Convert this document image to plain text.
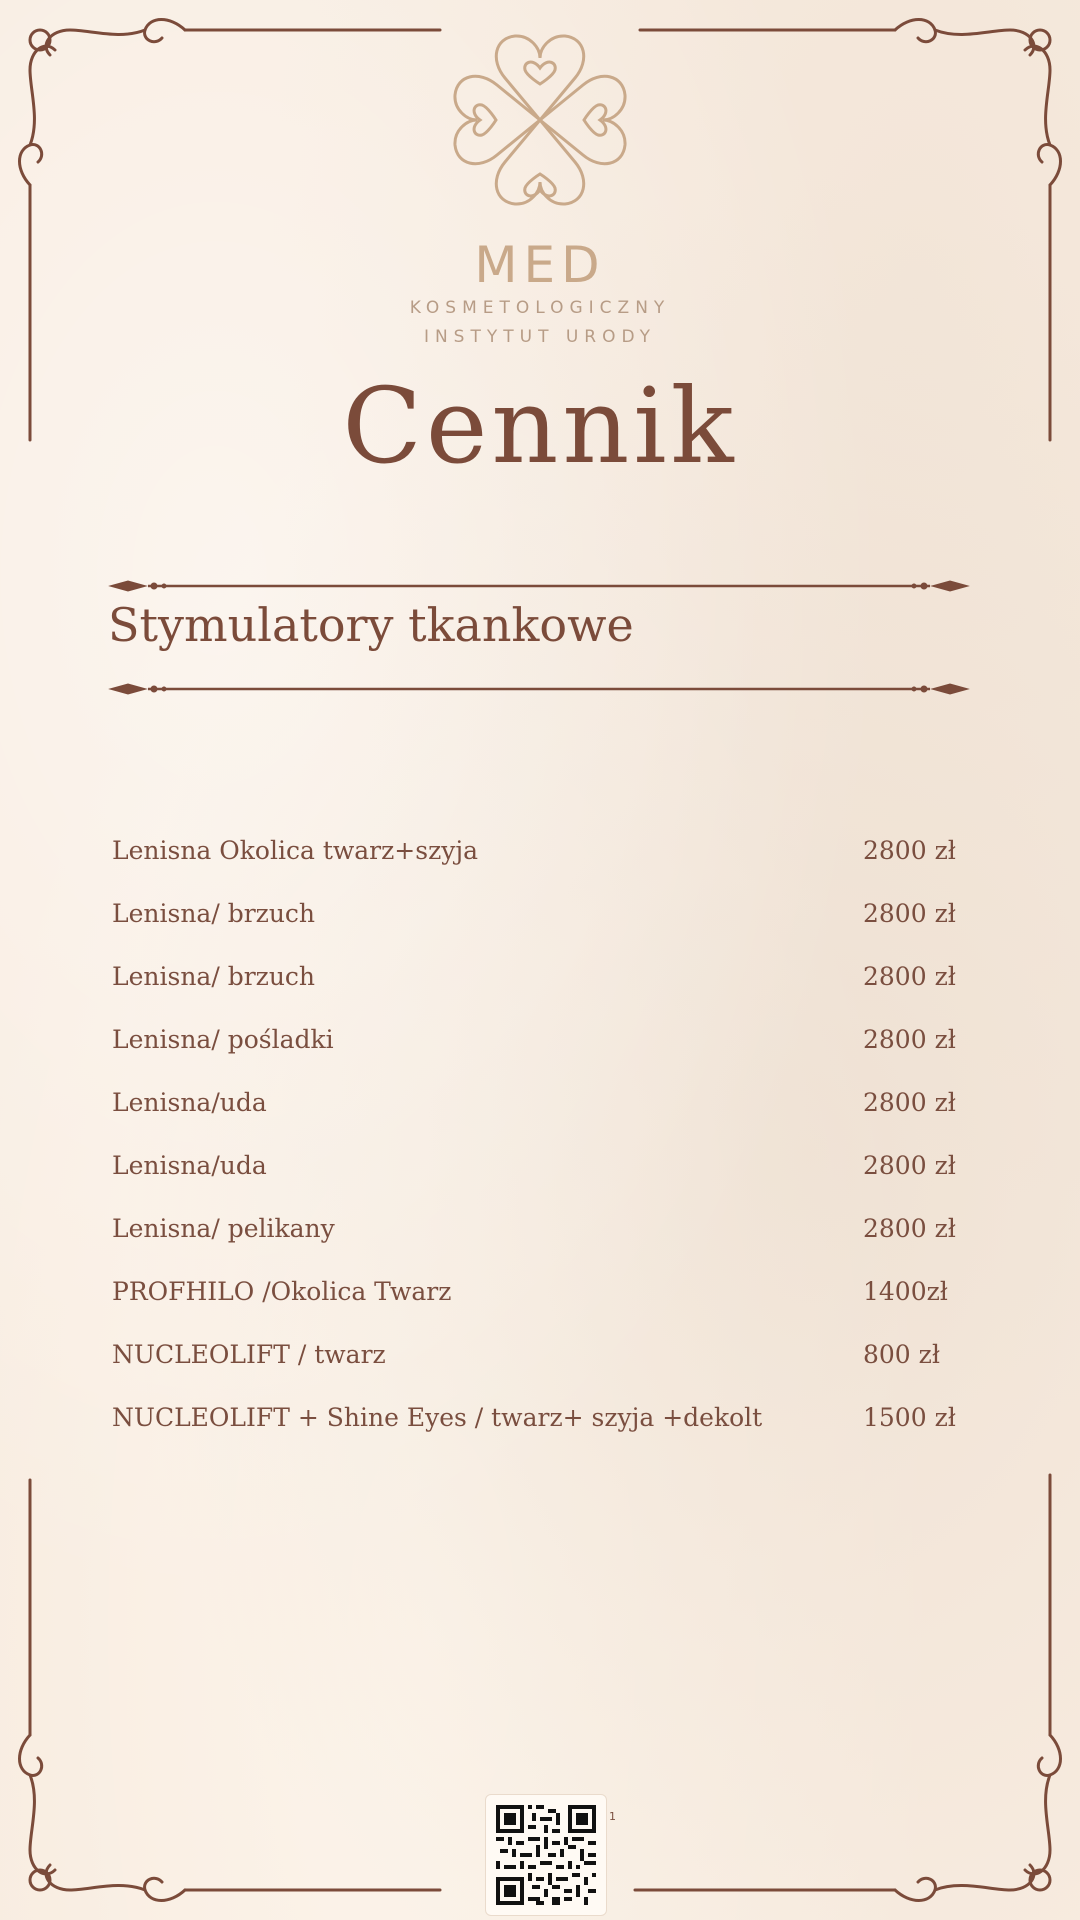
MED
KOSMETOLOGICZNY
INSTYTUT URODY
Cennik
Stymulatory tkankowe
Lenisna Okolica twarz+szyja	2800 zł
Lenisna/ brzuch	2800 zł
Lenisna/ brzuch	2800 zł
Lenisna/ pośladki	2800 zł
Lenisna/uda	2800 zł
Lenisna/uda	2800 zł
Lenisna/ pelikany	2800 zł
PROFHILO /Okolica Twarz	1400zł
NUCLEOLIFT / twarz	800 zł
NUCLEOLIFT + Shine Eyes / twarz+ szyja +dekolt	1500 zł
1
